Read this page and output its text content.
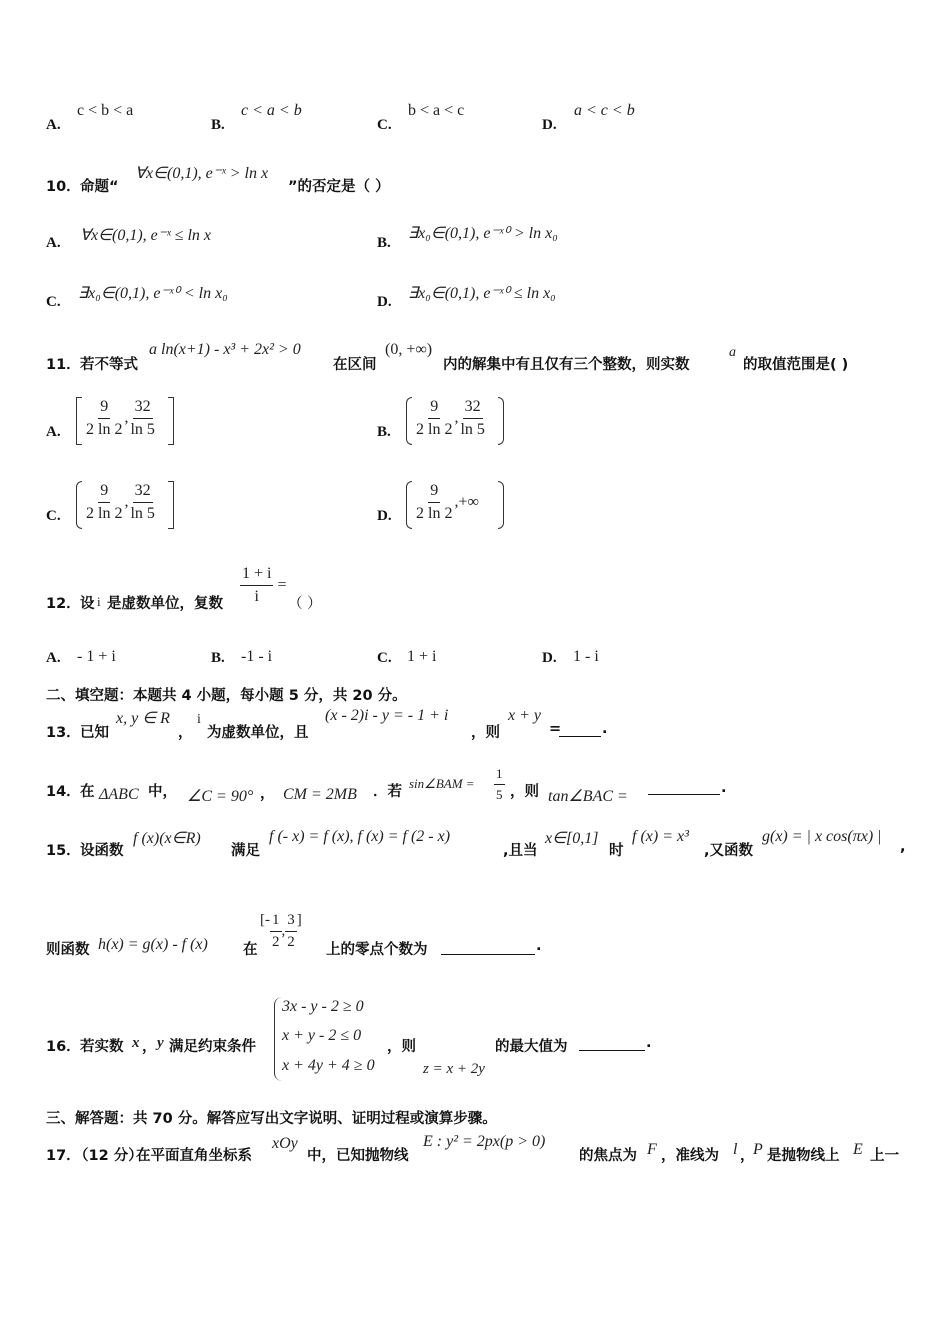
A.
c < b < a
B.
c < a < b
C.
b < a < c
D.
a < c < b
10． 命题“
∀x∈(0,1), e⁻ˣ > ln x
”的否定是（ ）
A. ∀x∈(0,1), e⁻ˣ ≤ ln x	B.
∃x₀∈(0,1), e⁻ˣ⁰ > ln x₀
C. ∃x₀∈(0,1), e⁻ˣ⁰ < ln x₀	D. ∃x₀∈(0,1), e⁻ˣ⁰ ≤ ln x₀
11． 若不等式
a ln(x+1) - x³ + 2x² > 0
在区间
(0, +∞)
内的解集中有且仅有三个整数，则实数
a
的取值范围是( )
A. $\frac{9}{2 \ln 2}$ , $\frac{32}{\ln 5}$	B. $\frac{9}{2 \ln 2}$ , $\frac{32}{\ln 5}$
C. $\frac{9}{2 \ln 2}$ , $\frac{32}{\ln 5}$	D. $\frac{9}{2 \ln 2}$ ,+∞
12． 设 i 是虚数单位，复数 $\frac{1 + i}{i}$ =
（ ）
A. - 1 + i	B. -1 - i	C. 1 + i	D. 1 - i
二、填空题：本题共 4 小题，每小题 5 分，共 20 分。
13． 已知
x, y ∈ R
，
i
为虚数单位，且
(x - 2)i - y = - 1 + i
，则
x + y
=	.
14． 在 ΔABC 中， ∠C = 90° ， CM = 2MB ．若
sin∠BAM = $\frac{1}{5}$ ，则 tan∠BAC =	.
15． 设函数
f (x)(x∈R)
满足
f (- x) = f (x), f (x) = f (2 - x)
,且当
x∈[0,1]
时
f (x) = x³
,又函数
g(x) = | x cos(πx) |
,
则函数 h(x) = g(x) - f (x) 在
[- $\frac{1}{2}$ , $\frac{3}{2}$ ]
上的零点个数为	.
16． 若实数 x ， y 满足约束条件
3x - y - 2 ≥ 0
x + y - 2 ≤ 0
x + 4y + 4 ≥ 0
，则
z = x + 2y
的最大值为	.
三、解答题：共 70 分。解答应写出文字说明、证明过程或演算步骤。
17．
（12 分）
在平面直角坐标系
xOy
中，已知抛物线
E : y² = 2px(p > 0)
的焦点为 F ，准线为 l ，
P 是抛物线上 E 上一
